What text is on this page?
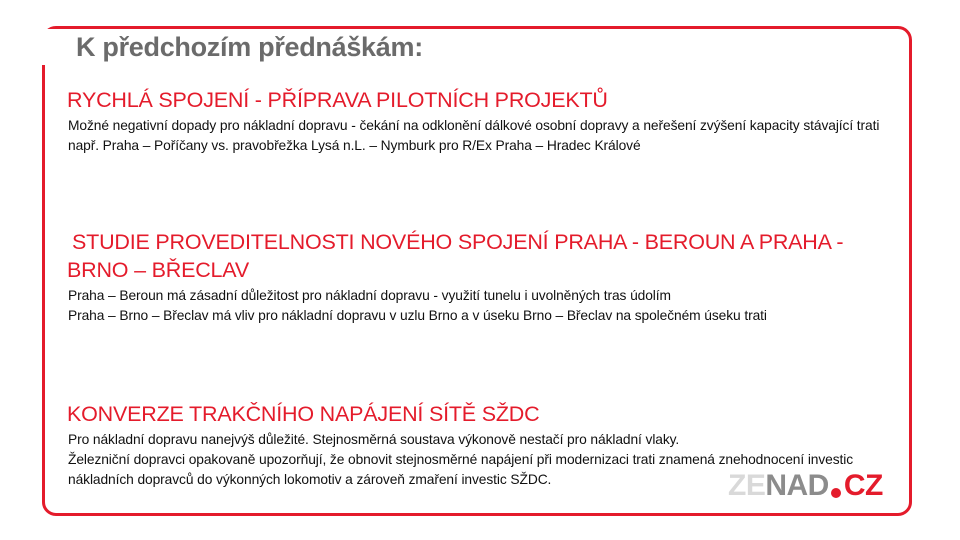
K předchozím přednáškám:
RYCHLÁ SPOJENÍ - PŘÍPRAVA PILOTNÍCH PROJEKTŮ

Možné negativní dopady pro nákladní dopravu - čekání na odklonění dálkové osobní dopravy a neřešení zvýšení kapacity stávající trati např. Praha – Poříčany vs. pravobřežka Lysá n.L. – Nymburk pro R/Ex Praha – Hradec Králové

STUDIE PROVEDITELNOSTI NOVÉHO SPOJENÍ PRAHA - BEROUN A PRAHA - BRNO – BŘECLAV

Praha – Beroun má zásadní důležitost pro nákladní dopravu - využití tunelu i uvolněných tras údolím
Praha – Brno – Břeclav má vliv pro nákladní dopravu v uzlu Brno a v úseku Brno – Břeclav na společném úseku trati

KONVERZE TRAKČNÍHO NAPÁJENÍ SÍTĚ SŽDC

Pro nákladní dopravu nanejvýš důležité. Stejnosměrná soustava výkonově nestačí pro nákladní vlaky.
Železniční dopravci opakovaně upozorňují, že obnovit stejnosměrné napájení při modernizaci trati znamená znehodnocení investic nákladních dopravců do výkonných lokomotiv a zároveň zmaření investic SŽDC.	ZENAD CZ
